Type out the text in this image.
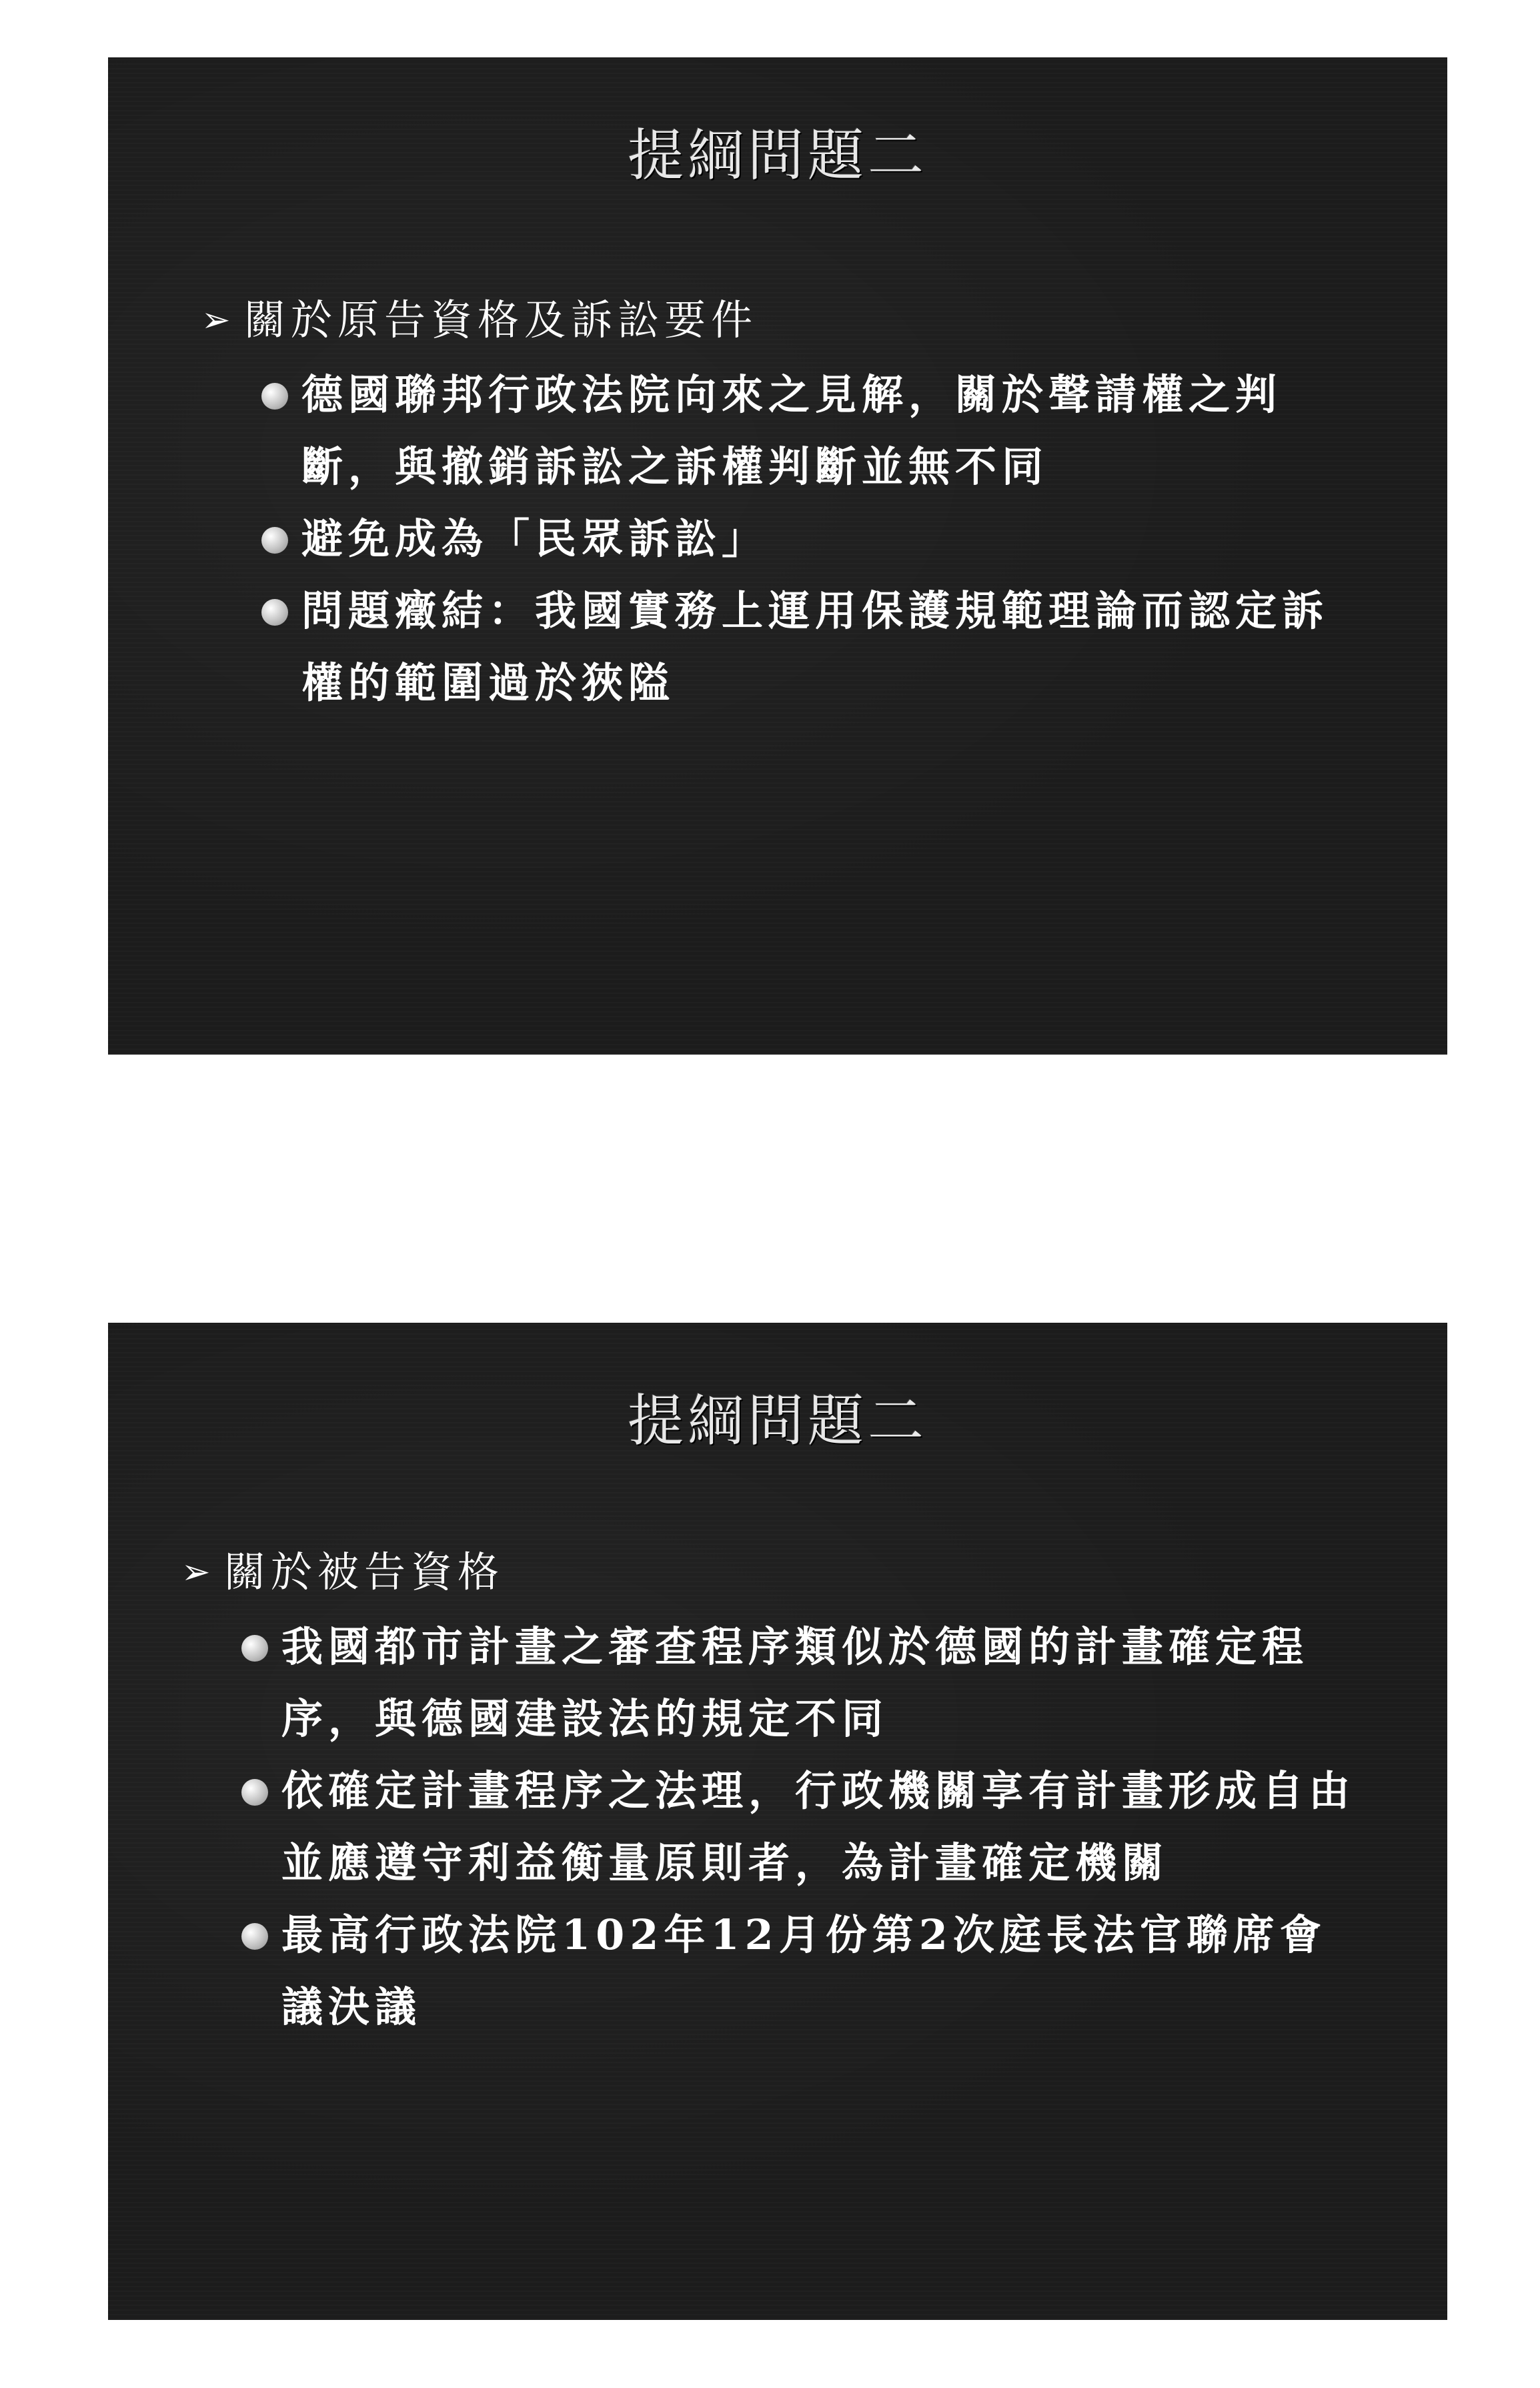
提綱問題二
➢ 關於原告資格及訴訟要件
德國聯邦行政法院向來之見解，關於聲請權之判斷，與撤銷訴訟之訴權判斷並無不同
避免成為「民眾訴訟」
問題癥結：我國實務上運用保護規範理論而認定訴權的範圍過於狹隘
提綱問題二
➢ 關於被告資格
我國都市計畫之審查程序類似於德國的計畫確定程序，與德國建設法的規定不同
依確定計畫程序之法理，行政機關享有計畫形成自由並應遵守利益衡量原則者，為計畫確定機關
最高行政法院102年12月份第2次庭長法官聯席會議決議
